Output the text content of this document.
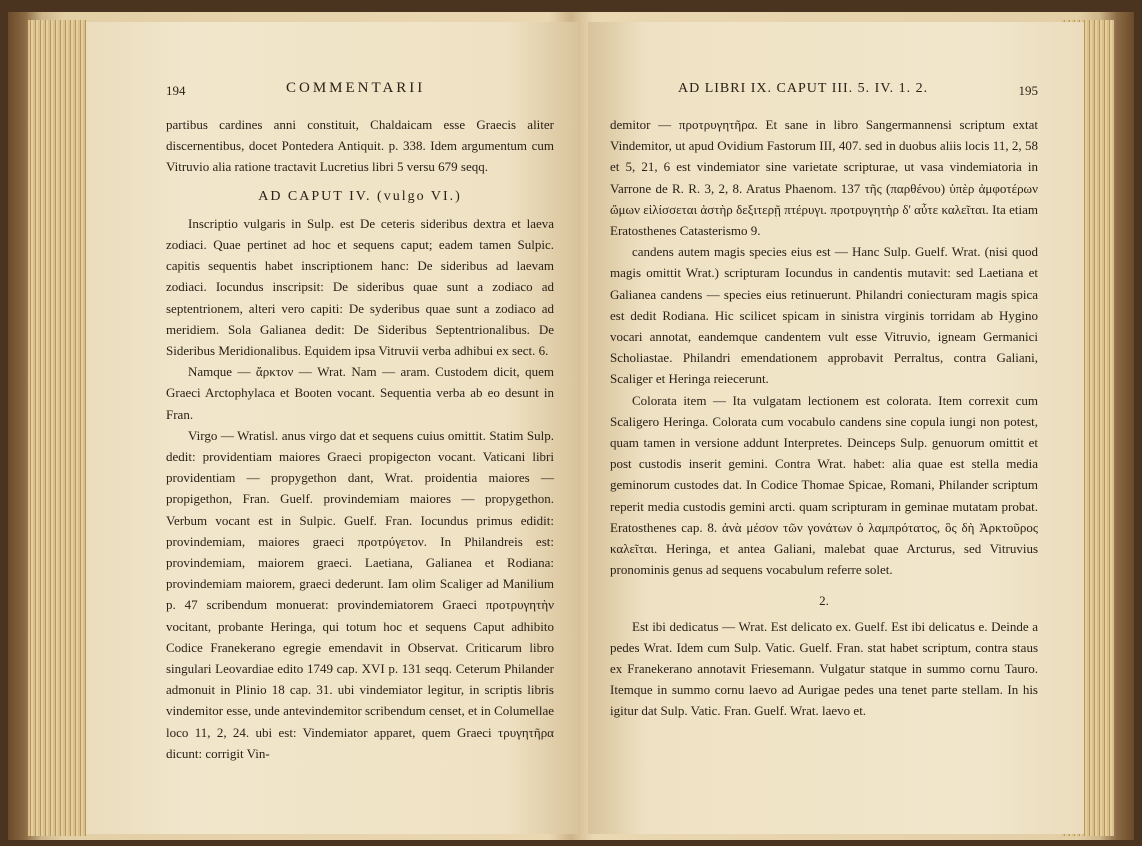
194	COMMENTARII

partibus cardines anni constituit, Chaldaicam esse Graecis aliter discernentibus, docet Pontedera Antiquit. p. 338. Idem argumentum cum Vitruvio alia ratione tractavit Lucretius libri 5 versu 679 seqq.

AD CAPUT IV. (vulgo VI.)

Inscriptio vulgaris in Sulp. est De ceteris sideribus dextra et laeva zodiaci. Quae pertinet ad hoc et sequens caput; eadem tamen Sulpic. capitis sequentis habet inscriptionem hanc: De sideribus ad laevam zodiaci. Iocundus inscripsit: De sideribus quae sunt a zodiaco ad septentrionem, alteri vero capiti: De syderibus quae sunt a zodiaco ad meridiem. Sola Galianea dedit: De Sideribus Septentrionalibus. De Sideribus Meridionalibus. Equidem ipsa Vitruvii verba adhibui ex sect. 6.

Namque — ἄρκτον — Wrat. Nam — aram. Custodem dicit, quem Graeci Arctophylaca et Booten vocant. Sequentia verba ab eo desunt in Fran.

Virgo — Wratisl. anus virgo dat et sequens cuius omittit. Statim Sulp. dedit: providentiam maiores Graeci propigecton vocant. Vaticani libri providentiam — propygethon dant, Wrat. proidentia maiores — propigethon, Fran. Guelf. provindemiam maiores — propygethon. Verbum vocant est in Sulpic. Guelf. Fran. Iocundus primus edidit: provindemiam, maiores graeci προτρύγετον. In Philandreis est: provindemiam, maiorem graeci. Laetiana, Galianea et Rodiana: provindemiam maiorem, graeci dederunt. Iam olim Scaliger ad Manilium p. 47 scribendum monuerat: provindemiatorem Graeci προτρυγητὴν vocitant, probante Heringa, qui totum hoc et sequens Caput adhibito Codice Franekerano egregie emendavit in Observat. Criticarum libro singulari Leovardiae edito 1749 cap. XVI p. 131 seqq. Ceterum Philander admonuit in Plinio 18 cap. 31. ubi vindemiator legitur, in scriptis libris vindemitor esse, unde antevindemitor scribendum censet, et in Columellae loco 11, 2, 24. ubi est: Vindemiator apparet, quem Graeci τρυγητῆρα dicunt: corrigit Vin-

AD LIBRI IX. CAPUT III. 5. IV. 1. 2.	195

demitor — προτρυγητῆρα. Et sane in libro Sangermannensi scriptum extat Vindemitor, ut apud Ovidium Fastorum III, 407. sed in duobus aliis locis 11, 2, 58 et 5, 21, 6 est vindemiator sine varietate scripturae, ut vasa vindemiatoria in Varrone de R. R. 3, 2, 8. Aratus Phaenom. 137 τῆς (παρθένου) ὑπὲρ ἀμφοτέρων ὤμων εἱλίσσεται ἀστὴρ δεξιτερῇ πτέρυγι. προτρυγητὴρ δ' αὖτε καλεῖται. Ita etiam Eratosthenes Catasterismo 9.

candens autem magis species eius est — Hanc Sulp. Guelf. Wrat. (nisi quod magis omittit Wrat.) scripturam Iocundus in candentis mutavit: sed Laetiana et Galianea candens — species eius retinuerunt. Philandri coniecturam magis spica est dedit Rodiana. Hic scilicet spicam in sinistra virginis torridam ab Hygino vocari annotat, eandemque candentem vult esse Vitruvio, igneam Germanici Scholiastae. Philandri emendationem approbavit Perraltus, contra Galiani, Scaliger et Heringa reiecerunt.

Colorata item — Ita vulgatam lectionem est colorata. Item correxit cum Scaligero Heringa. Colorata cum vocabulo candens sine copula iungi non potest, quam tamen in versione addunt Interpretes. Deinceps Sulp. genuorum omittit et post custodis inserit gemini. Contra Wrat. habet: alia quae est stella media geminorum custodes dat. In Codice Thomae Spicae, Romani, Philander scriptum reperit media custodis gemini arcti. quam scripturam in geminae mutatam probat. Eratosthenes cap. 8. ἀνὰ μέσον τῶν γονάτων ὁ λαμπρότατος, ὃς δὴ Ἀρκτοῦρος καλεῖται. Heringa, et antea Galiani, malebat quae Arcturus, sed Vitruvius pronominis genus ad sequens vocabulum referre solet.

2.

Est ibi dedicatus — Wrat. Est delicato ex. Guelf. Est ibi delicatus e. Deinde a pedes Wrat. Idem cum Sulp. Vatic. Guelf. Fran. stat habet scriptum, contra staus ex Franekerano annotavit Friesemann. Vulgatur statque in summo cornu Tauro. Itemque in summo cornu laevo ad Aurigae pedes una tenet parte stellam. In his igitur dat Sulp. Vatic. Fran. Guelf. Wrat. laevo et.
